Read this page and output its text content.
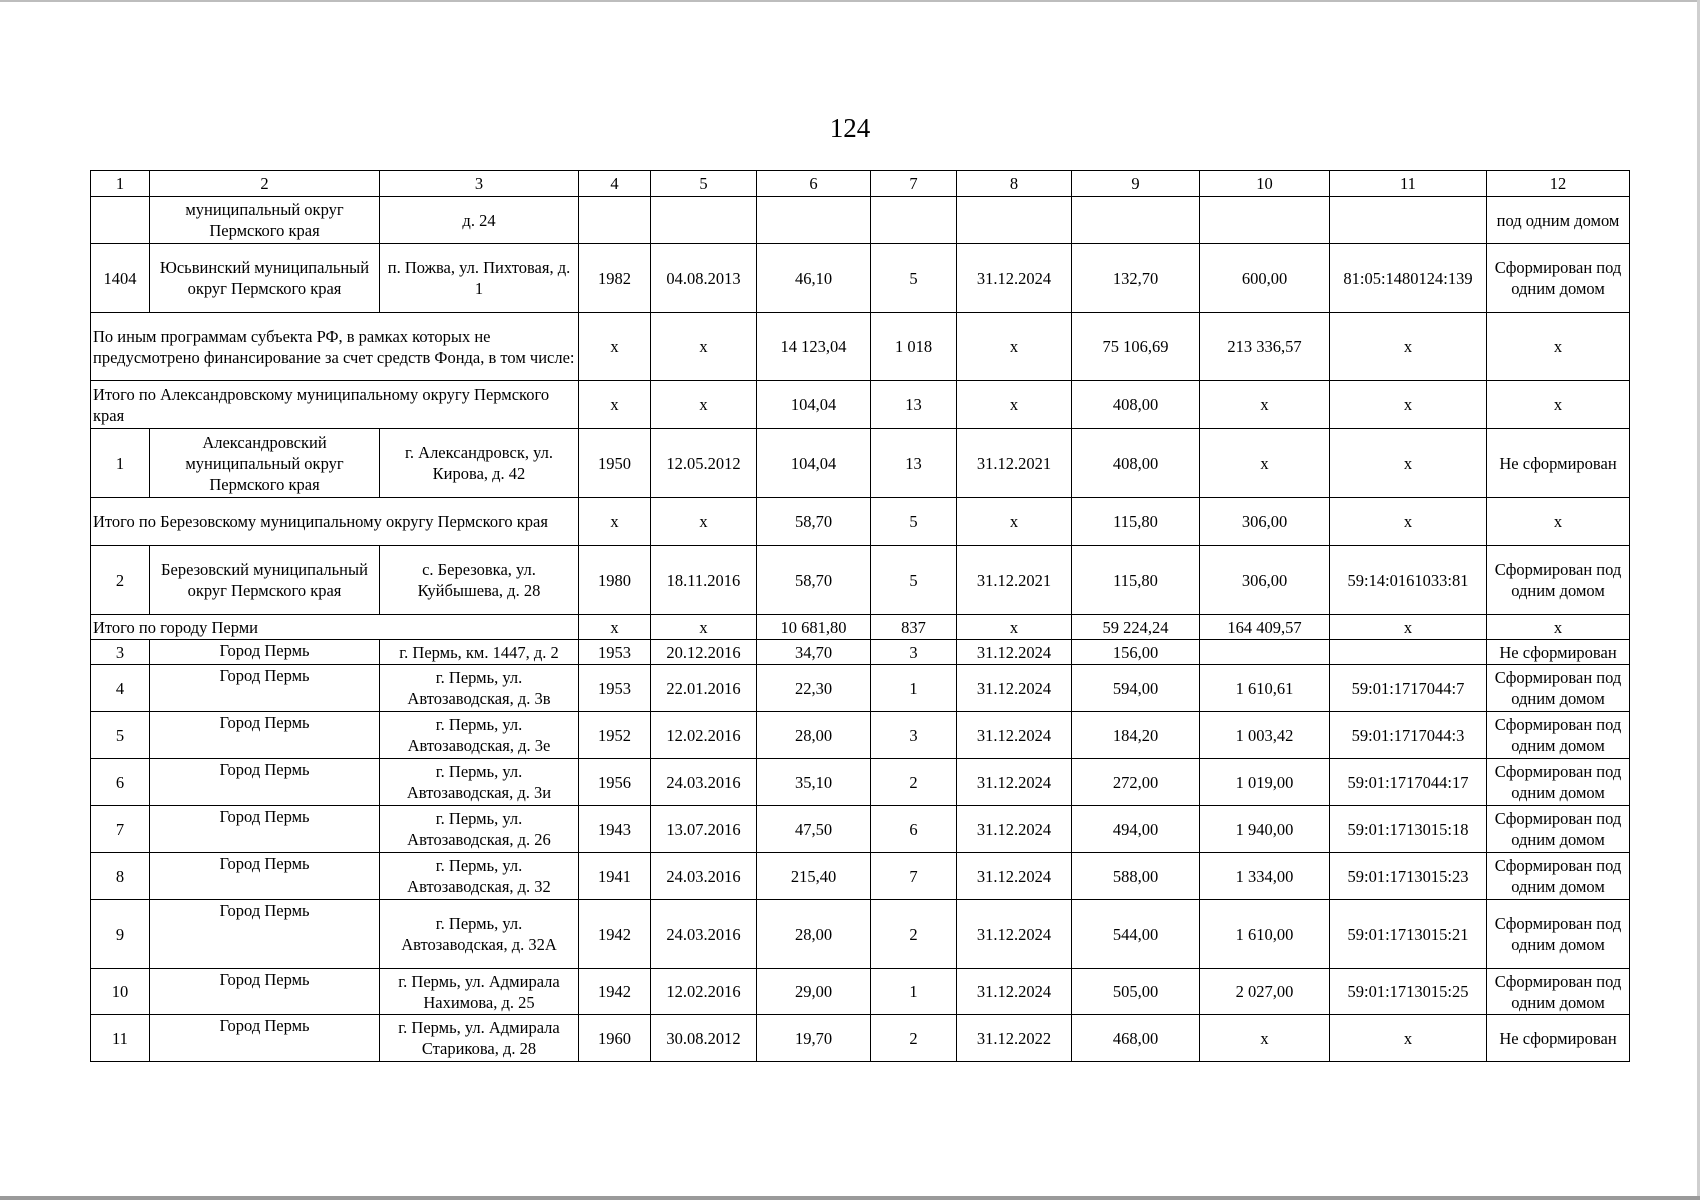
124
1	2	3	4	5	6	7	8	9	10	11	12
	муниципальный округ Пермского края	д. 24									под одним домом
1404	Юсьвинский муниципальный округ Пермского края	п. Пожва, ул. Пихтовая, д. 1	1982	04.08.2013	46,10	5	31.12.2024	132,70	600,00	81:05:1480124:139	Сформирован под одним домом
По иным программам субъекта РФ, в рамках которых не предусмотрено финансирование за счет средств Фонда, в том числе:			x	x	14 123,04	1 018	x	75 106,69	213 336,57	x	x
Итого по Александровскому муниципальному округу Пермского края			x	x	104,04	13	x	408,00	x	x	x
1	Александровский муниципальный округ Пермского края	г. Александровск, ул. Кирова, д. 42	1950	12.05.2012	104,04	13	31.12.2021	408,00	x	x	Не сформирован
Итого по Березовскому муниципальному округу Пермского края			x	x	58,70	5	x	115,80	306,00	x	x
2	Березовский муниципальный округ Пермского края	с. Березовка, ул. Куйбышева, д. 28	1980	18.11.2016	58,70	5	31.12.2021	115,80	306,00	59:14:0161033:81	Сформирован под одним домом
Итого по городу Перми			x	x	10 681,80	837	x	59 224,24	164 409,57	x	x
3	Город Пермь	г. Пермь, км. 1447, д. 2	1953	20.12.2016	34,70	3	31.12.2024	156,00			Не сформирован
4	Город Пермь	г. Пермь, ул. Автозаводская, д. 3в	1953	22.01.2016	22,30	1	31.12.2024	594,00	1 610,61	59:01:1717044:7	Сформирован под одним домом
5	Город Пермь	г. Пермь, ул. Автозаводская, д. 3е	1952	12.02.2016	28,00	3	31.12.2024	184,20	1 003,42	59:01:1717044:3	Сформирован под одним домом
6	Город Пермь	г. Пермь, ул. Автозаводская, д. 3и	1956	24.03.2016	35,10	2	31.12.2024	272,00	1 019,00	59:01:1717044:17	Сформирован под одним домом
7	Город Пермь	г. Пермь, ул. Автозаводская, д. 26	1943	13.07.2016	47,50	6	31.12.2024	494,00	1 940,00	59:01:1713015:18	Сформирован под одним домом
8	Город Пермь	г. Пермь, ул. Автозаводская, д. 32	1941	24.03.2016	215,40	7	31.12.2024	588,00	1 334,00	59:01:1713015:23	Сформирован под одним домом
9	Город Пермь	г. Пермь, ул. Автозаводская, д. 32А	1942	24.03.2016	28,00	2	31.12.2024	544,00	1 610,00	59:01:1713015:21	Сформирован под одним домом
10	Город Пермь	г. Пермь, ул. Адмирала Нахимова, д. 25	1942	12.02.2016	29,00	1	31.12.2024	505,00	2 027,00	59:01:1713015:25	Сформирован под одним домом
11	Город Пермь	г. Пермь, ул. Адмирала Старикова, д. 28	1960	30.08.2012	19,70	2	31.12.2022	468,00	x	x	Не сформирован
